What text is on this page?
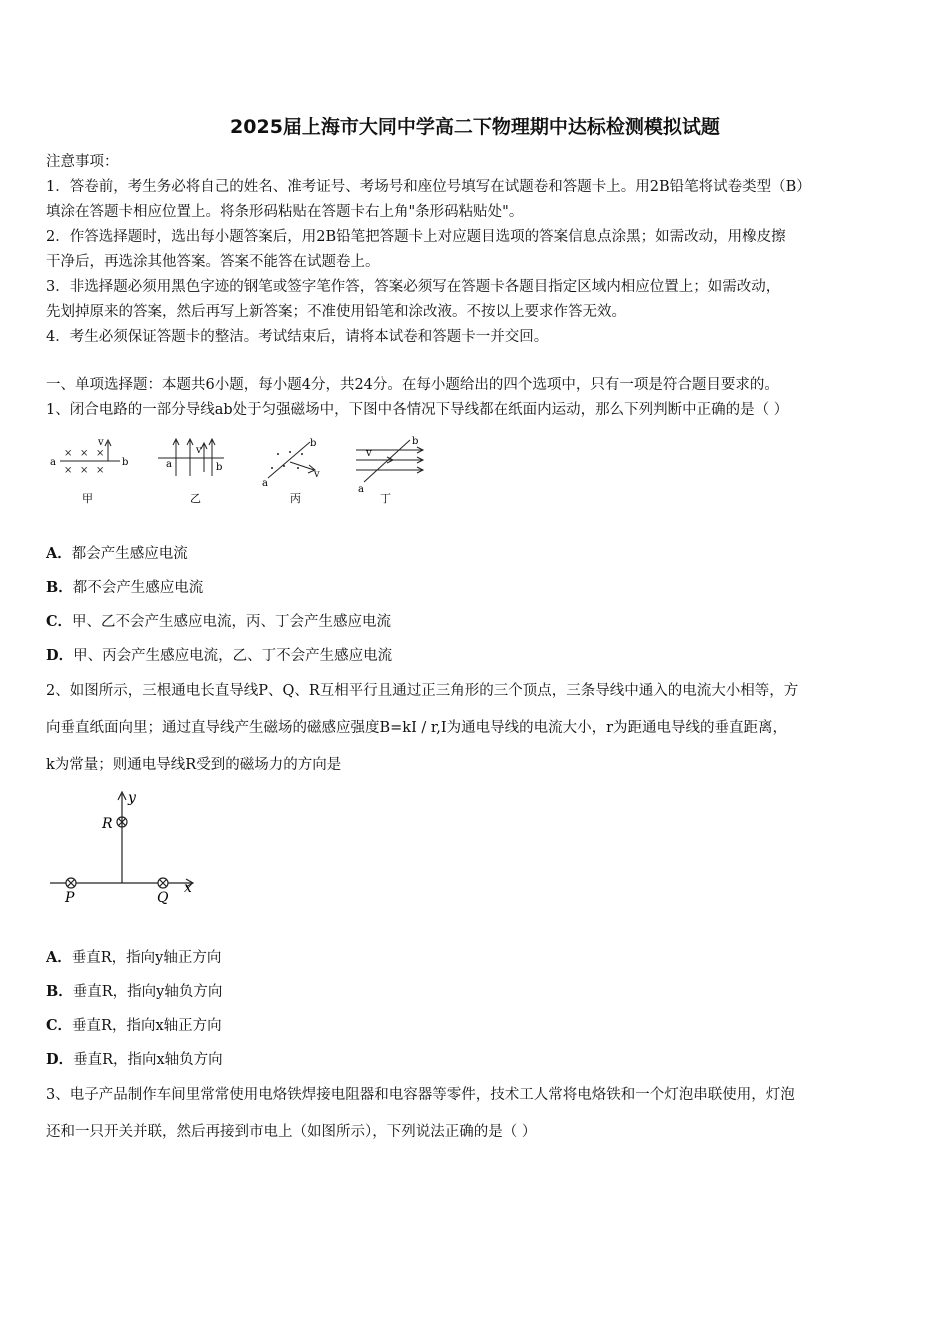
2025届上海市大同中学高二下物理期中达标检测模拟试题
注意事项：
1．答卷前，考生务必将自己的姓名、准考证号、考场号和座位号填写在试题卷和答题卡上。用2B铅笔将试卷类型（B）
填涂在答题卡相应位置上。将条形码粘贴在答题卡右上角"条形码粘贴处"。
2．作答选择题时，选出每小题答案后，用2B铅笔把答题卡上对应题目选项的答案信息点涂黑；如需改动，用橡皮擦
干净后，再选涂其他答案。答案不能答在试题卷上。
3．非选择题必须用黑色字迹的钢笔或签字笔作答，答案必须写在答题卡各题目指定区域内相应位置上；如需改动，
先划掉原来的答案，然后再写上新答案；不准使用铅笔和涂改液。不按以上要求作答无效。
4．考生必须保证答题卡的整洁。考试结束后，请将本试卷和答题卡一并交回。
一、单项选择题：本题共6小题，每小题4分，共24分。在每小题给出的四个选项中，只有一项是符合题目要求的。
1、闭合电路的一部分导线ab处于匀强磁场中，下图中各情况下导线都在纸面内运动，那么下列判断中正确的是（ ）
a	b
v
× × ×
× × ×
甲
a	b
v
乙
a
b
v
丙
a
b
v
丁
A．都会产生感应电流
B．都不会产生感应电流
C．甲、乙不会产生感应电流，丙、丁会产生感应电流
D．甲、丙会产生感应电流，乙、丁不会产生感应电流
2、如图所示，三根通电长直导线P、Q、R互相平行且通过正三角形的三个顶点，三条导线中通入的电流大小相等，方
向垂直纸面向里；通过直导线产生磁场的磁感应强度B=kI / r,I为通电导线的电流大小，r为距通电导线的垂直距离，
k为常量；则通电导线R受到的磁场力的方向是
y
x
R
P	Q
A．垂直R，指向y轴正方向
B．垂直R，指向y轴负方向
C．垂直R，指向x轴正方向
D．垂直R，指向x轴负方向
3、电子产品制作车间里常常使用电烙铁焊接电阻器和电容器等零件，技术工人常将电烙铁和一个灯泡串联使用，灯泡
还和一只开关并联，然后再接到市电上（如图所示），下列说法正确的是（ ）
